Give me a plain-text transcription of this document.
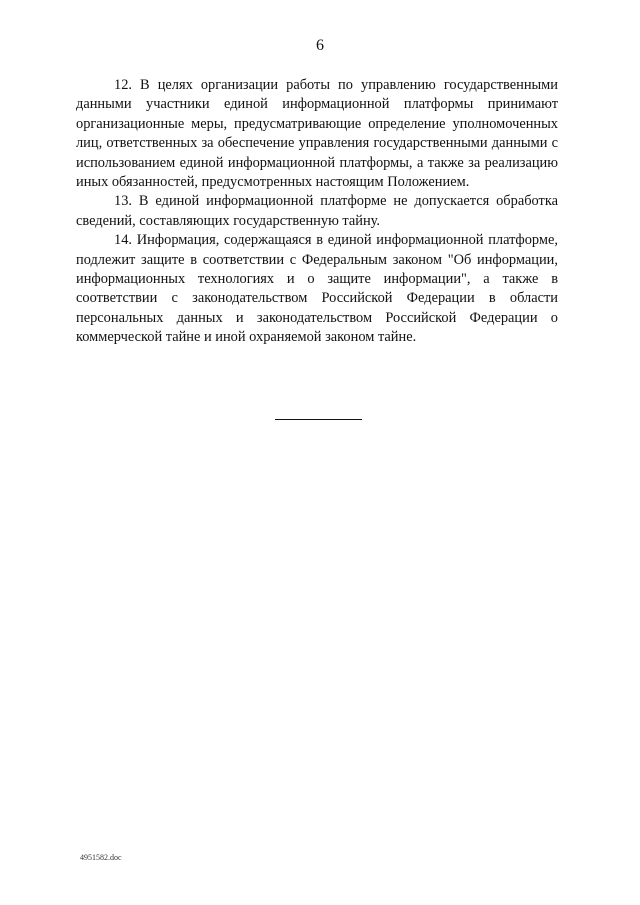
6

12. В целях организации работы по управлению государственными данными участники единой информационной платформы принимают организационные меры, предусматривающие определение уполномоченных лиц, ответственных за обеспечение управления государственными данными с использованием единой информационной платформы, а также за реализацию иных обязанностей, предусмотренных настоящим Положением.

13. В единой информационной платформе не допускается обработка сведений, составляющих государственную тайну.

14. Информация, содержащаяся в единой информационной платформе, подлежит защите в соответствии с Федеральным законом "Об информации, информационных технологиях и о защите информации", а также в соответствии с законодательством Российской Федерации в области персональных данных и законодательством Российской Федерации о коммерческой тайне и иной охраняемой законом тайне.

4951582.doc
